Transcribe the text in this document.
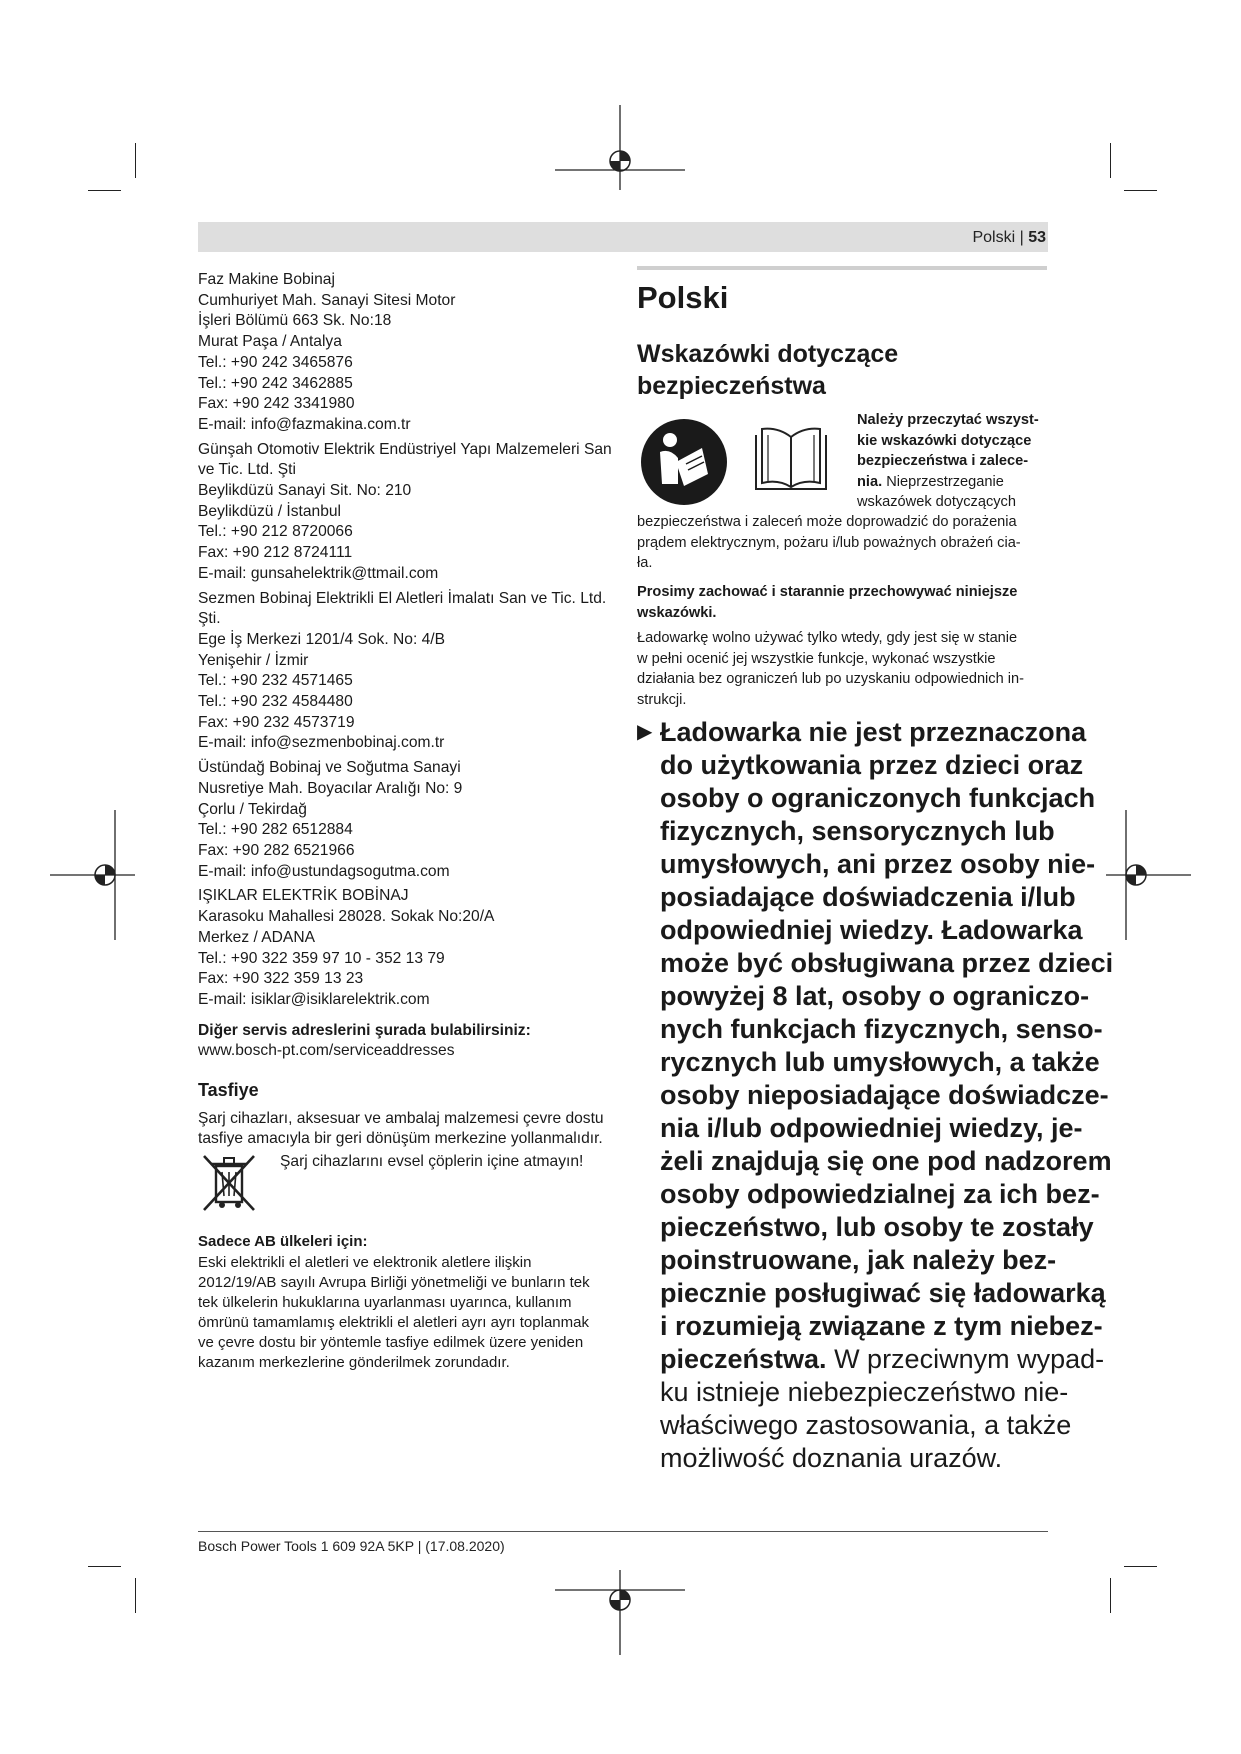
Polski | 53
Faz Makine Bobinaj
Cumhuriyet Mah. Sanayi Sitesi Motor
İşleri Bölümü 663 Sk. No:18
Murat Paşa / Antalya
Tel.: +90 242 3465876
Tel.: +90 242 3462885
Fax: +90 242 3341980
E-mail: info@fazmakina.com.tr
Günşah Otomotiv Elektrik Endüstriyel Yapı Malzemeleri San
ve Tic. Ltd. Şti
Beylikdüzü Sanayi Sit. No: 210
Beylikdüzü / İstanbul
Tel.: +90 212 8720066
Fax: +90 212 8724111
E-mail: gunsahelektrik@ttmail.com
Sezmen Bobinaj Elektrikli El Aletleri İmalatı San ve Tic. Ltd.
Şti.
Ege İş Merkezi 1201/4 Sok. No: 4/B
Yenişehir / İzmir
Tel.: +90 232 4571465
Tel.: +90 232 4584480
Fax: +90 232 4573719
E-mail: info@sezmenbobinaj.com.tr
Üstündağ Bobinaj ve Soğutma Sanayi
Nusretiye Mah. Boyacılar Aralığı No: 9
Çorlu / Tekirdağ
Tel.: +90 282 6512884
Fax: +90 282 6521966
E-mail: info@ustundagsogutma.com
IŞIKLAR ELEKTRİK BOBİNAJ
Karasoku Mahallesi 28028. Sokak No:20/A
Merkez / ADANA
Tel.: +90 322 359 97 10 - 352 13 79
Fax: +90 322 359 13 23
E-mail: isiklar@isiklarelektrik.com
Diğer servis adreslerini şurada bulabilirsiniz:
www.bosch-pt.com/serviceaddresses
Tasfiye
Şarj cihazları, aksesuar ve ambalaj malzemesi çevre dostu
tasfiye amacıyla bir geri dönüşüm merkezine yollanmalıdır.
Şarj cihazlarını evsel çöplerin içine atmayın!
Sadece AB ülkeleri için:
Eski elektrikli el aletleri ve elektronik aletlere ilişkin
2012/19/AB sayılı Avrupa Birliği yönetmeliği ve bunların tek
tek ülkelerin hukuklarına uyarlanması uyarınca, kullanım
ömrünü tamamlamış elektrikli el aletleri ayrı ayrı toplanmak
ve çevre dostu bir yöntemle tasfiye edilmek üzere yeniden
kazanım merkezlerine gönderilmek zorundadır.
Polski
Wskazówki dotyczące
bezpieczeństwa
Należy przeczytać wszyst-
kie wskazówki dotyczące
bezpieczeństwa i zalece-
nia. Nieprzestrzeganie
wskazówek dotyczących
bezpieczeństwa i zaleceń może doprowadzić do porażenia
prądem elektrycznym, pożaru i/lub poważnych obrażeń cia-
ła.
Prosimy zachować i starannie przechowywać niniejsze
wskazówki.
Ładowarkę wolno używać tylko wtedy, gdy jest się w stanie
w pełni ocenić jej wszystkie funkcje, wykonać wszystkie
działania bez ograniczeń lub po uzyskaniu odpowiednich in-
strukcji.
▶ Ładowarka nie jest przeznaczona
do użytkowania przez dzieci oraz
osoby o ograniczonych funkcjach
fizycznych, sensorycznych lub
umysłowych, ani przez osoby nie-
posiadające doświadczenia i/lub
odpowiedniej wiedzy. Ładowarka
może być obsługiwana przez dzieci
powyżej 8 lat, osoby o ograniczo-
nych funkcjach fizycznych, senso-
rycznych lub umysłowych, a także
osoby nieposiadające doświadcze-
nia i/lub odpowiedniej wiedzy, je-
żeli znajdują się one pod nadzorem
osoby odpowiedzialnej za ich bez-
pieczeństwo, lub osoby te zostały
poinstruowane, jak należy bez-
piecznie posługiwać się ładowarką
i rozumieją związane z tym niebez-
pieczeństwa. W przeciwnym wypad-
ku istnieje niebezpieczeństwo nie-
właściwego zastosowania, a także
możliwość doznania urazów.
Bosch Power Tools 1 609 92A 5KP | (17.08.2020)
